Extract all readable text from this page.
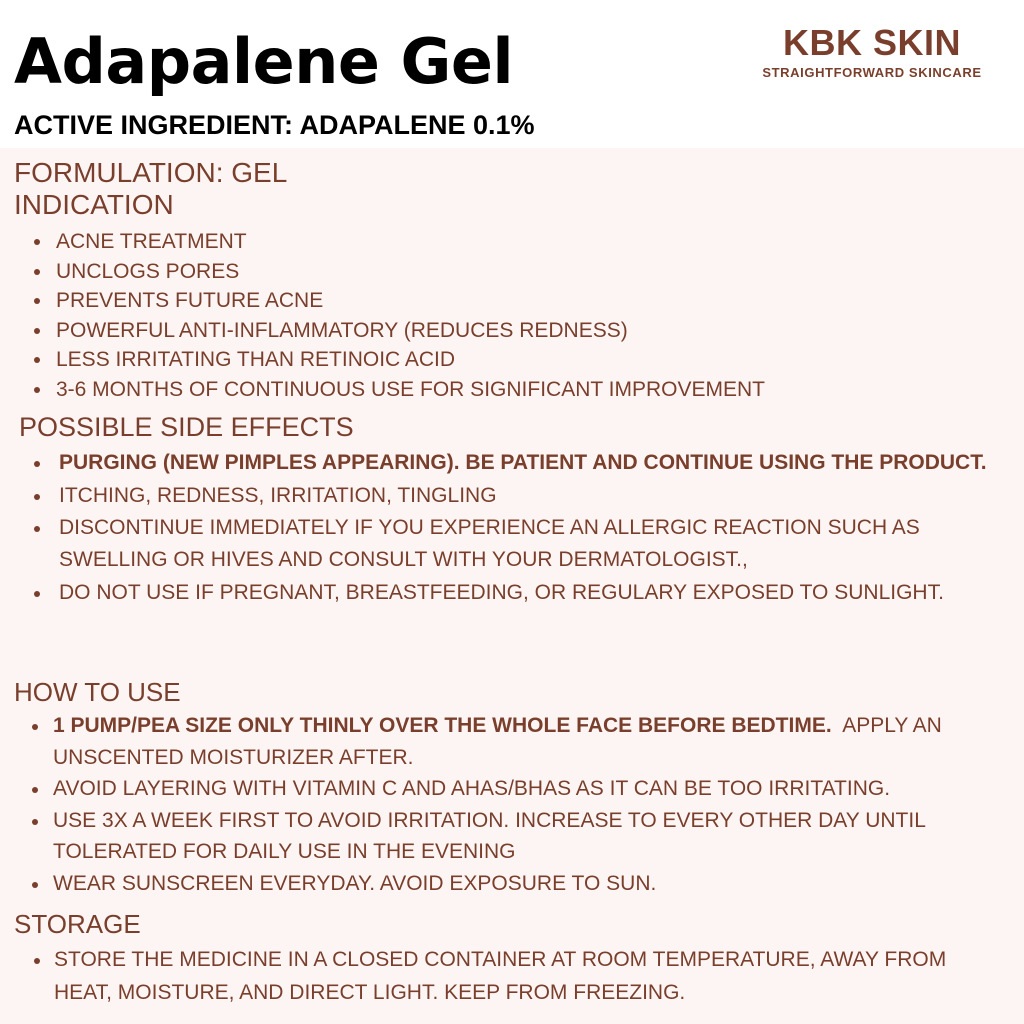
Adapalene Gel
ACTIVE INGREDIENT: ADAPALENE 0.1%
KBK SKIN
STRAIGHTFORWARD SKINCARE
FORMULATION: GEL
INDICATION
ACNE TREATMENT
UNCLOGS PORES
PREVENTS FUTURE ACNE
POWERFUL ANTI-INFLAMMATORY (REDUCES REDNESS)
LESS IRRITATING THAN RETINOIC ACID
3-6 MONTHS OF CONTINUOUS USE FOR SIGNIFICANT IMPROVEMENT
POSSIBLE SIDE EFFECTS
PURGING (NEW PIMPLES APPEARING). BE PATIENT AND CONTINUE USING THE PRODUCT.
ITCHING, REDNESS, IRRITATION, TINGLING
DISCONTINUE IMMEDIATELY IF YOU EXPERIENCE AN ALLERGIC REACTION SUCH AS SWELLING OR HIVES AND CONSULT WITH YOUR DERMATOLOGIST.,
DO NOT USE IF PREGNANT, BREASTFEEDING, OR REGULARY EXPOSED TO SUNLIGHT.
HOW TO USE
1 PUMP/PEA SIZE ONLY THINLY OVER THE WHOLE FACE BEFORE BEDTIME. APPLY AN UNSCENTED MOISTURIZER AFTER.
AVOID LAYERING WITH VITAMIN C AND AHAS/BHAS AS IT CAN BE TOO IRRITATING.
USE 3X A WEEK FIRST TO AVOID IRRITATION. INCREASE TO EVERY OTHER DAY UNTIL TOLERATED FOR DAILY USE IN THE EVENING
WEAR SUNSCREEN EVERYDAY. AVOID EXPOSURE TO SUN.
STORAGE
STORE THE MEDICINE IN A CLOSED CONTAINER AT ROOM TEMPERATURE, AWAY FROM HEAT, MOISTURE, AND DIRECT LIGHT. KEEP FROM FREEZING.
